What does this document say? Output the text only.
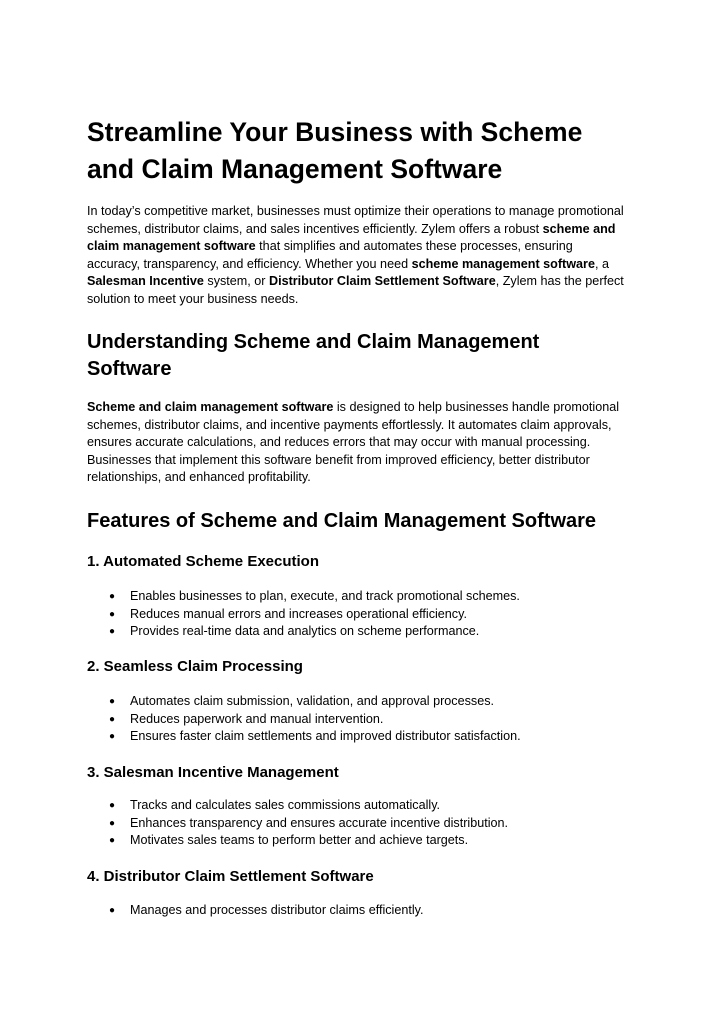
Streamline Your Business with Scheme and Claim Management Software

In today’s competitive market, businesses must optimize their operations to manage promotional schemes, distributor claims, and sales incentives efficiently. Zylem offers a robust scheme and claim management software that simplifies and automates these processes, ensuring accuracy, transparency, and efficiency. Whether you need scheme management software, a Salesman Incentive system, or Distributor Claim Settlement Software, Zylem has the perfect solution to meet your business needs.

Understanding Scheme and Claim Management Software

Scheme and claim management software is designed to help businesses handle promotional schemes, distributor claims, and incentive payments effortlessly. It automates claim approvals, ensures accurate calculations, and reduces errors that may occur with manual processing. Businesses that implement this software benefit from improved efficiency, better distributor relationships, and enhanced profitability.

Features of Scheme and Claim Management Software
1. Automated Scheme Execution
● Enables businesses to plan, execute, and track promotional schemes.
● Reduces manual errors and increases operational efficiency.
● Provides real-time data and analytics on scheme performance.
2. Seamless Claim Processing
● Automates claim submission, validation, and approval processes.
● Reduces paperwork and manual intervention.
● Ensures faster claim settlements and improved distributor satisfaction.
3. Salesman Incentive Management
● Tracks and calculates sales commissions automatically.
● Enhances transparency and ensures accurate incentive distribution.
● Motivates sales teams to perform better and achieve targets.
4. Distributor Claim Settlement Software
● Manages and processes distributor claims efficiently.
